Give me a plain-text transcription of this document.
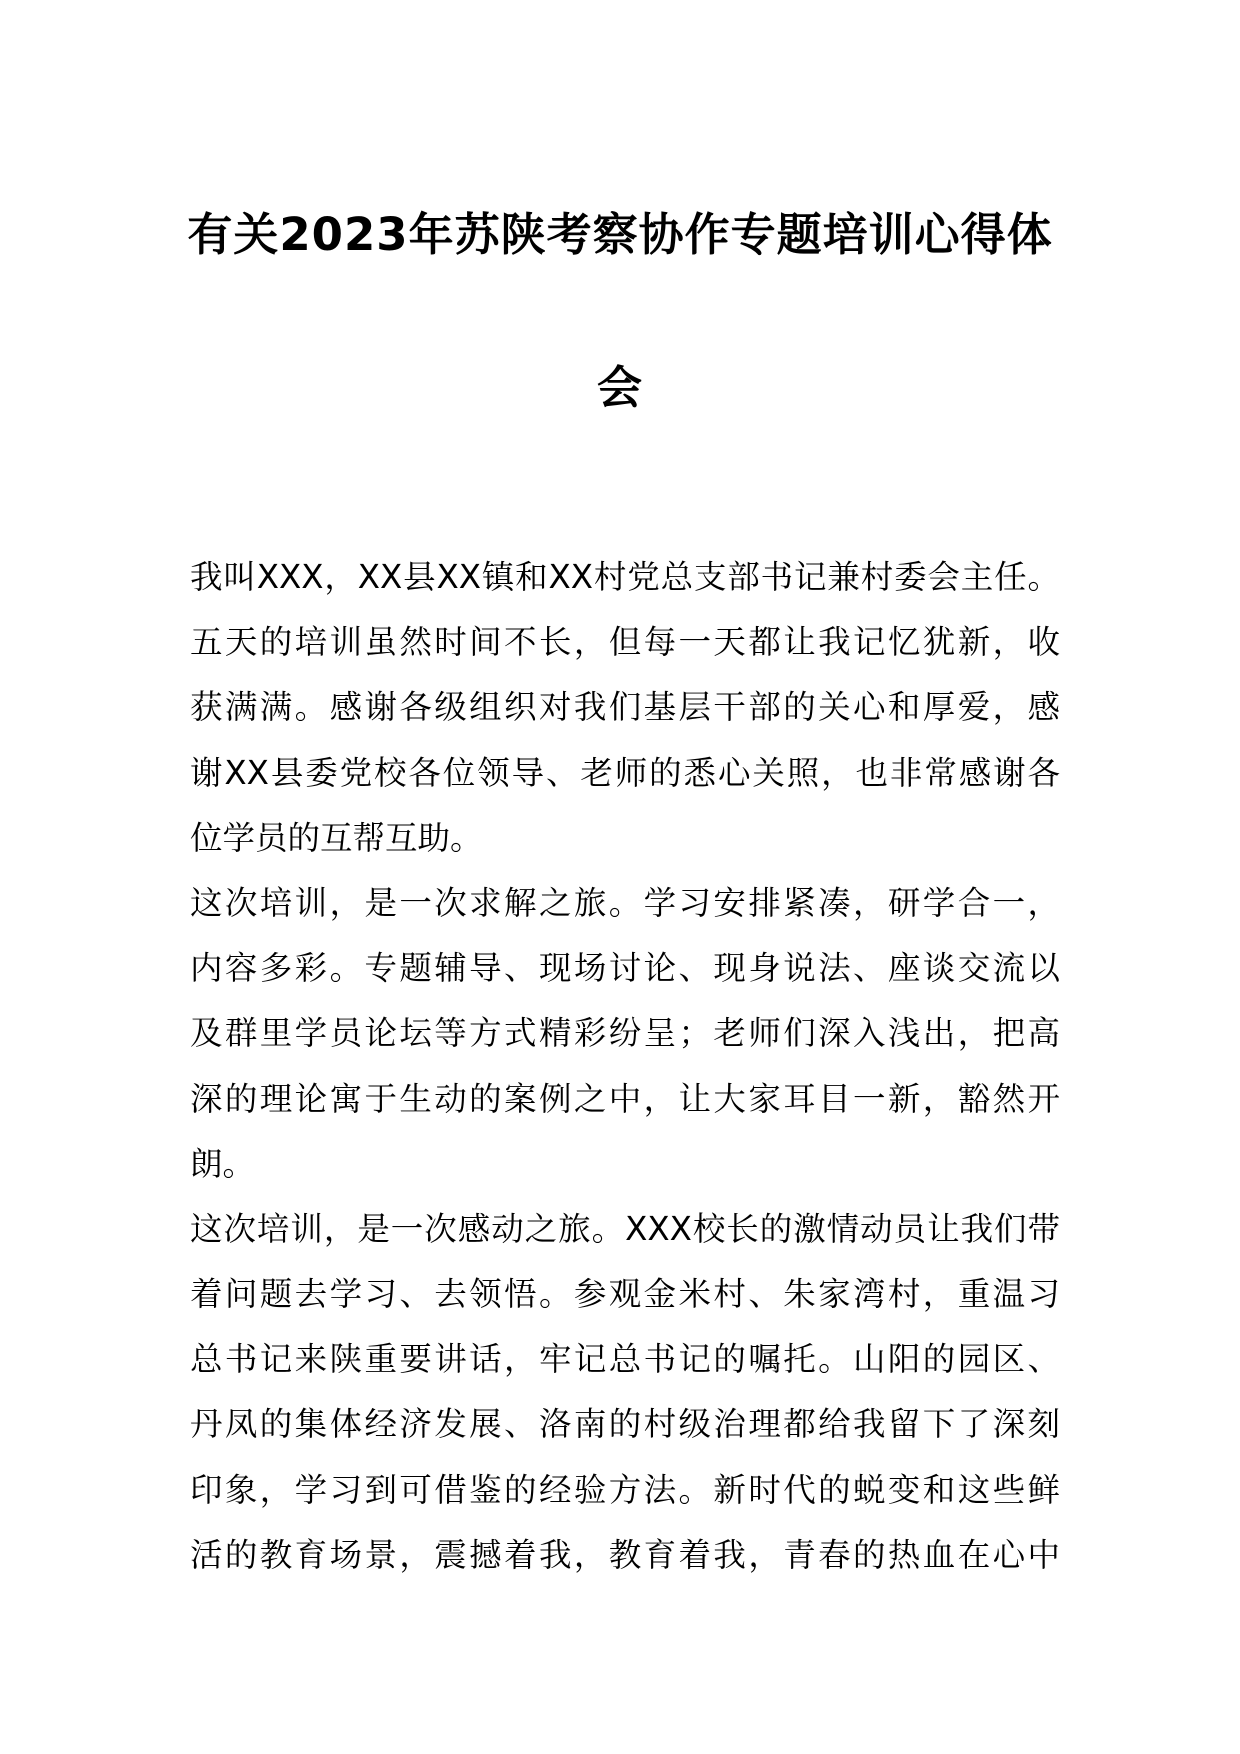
有关2023年苏陕考察协作专题培训心得体
会
我叫XXX，XX县XX镇和XX村党总支部书记兼村委会主任。
五天的培训虽然时间不长，但每一天都让我记忆犹新，收
获满满。感谢各级组织对我们基层干部的关心和厚爱，感
谢XX县委党校各位领导、老师的悉心关照，也非常感谢各
位学员的互帮互助。
这次培训，是一次求解之旅。学习安排紧凑，研学合一，
内容多彩。专题辅导、现场讨论、现身说法、座谈交流以
及群里学员论坛等方式精彩纷呈；老师们深入浅出，把高
深的理论寓于生动的案例之中，让大家耳目一新，豁然开
朗。
这次培训，是一次感动之旅。XXX校长的激情动员让我们带
着问题去学习、去领悟。参观金米村、朱家湾村，重温习
总书记来陕重要讲话，牢记总书记的嘱托。山阳的园区、
丹凤的集体经济发展、洛南的村级治理都给我留下了深刻
印象，学习到可借鉴的经验方法。新时代的蜕变和这些鲜
活的教育场景，震撼着我，教育着我，青春的热血在心中
